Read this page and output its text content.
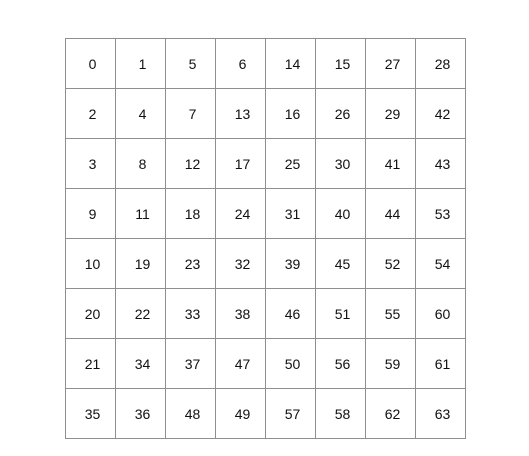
0	1	5	6	14	15	27	28
2	4	7	13	16	26	29	42
3	8	12	17	25	30	41	43
9	11	18	24	31	40	44	53
10	19	23	32	39	45	52	54
20	22	33	38	46	51	55	60
21	34	37	47	50	56	59	61
35	36	48	49	57	58	62	63
